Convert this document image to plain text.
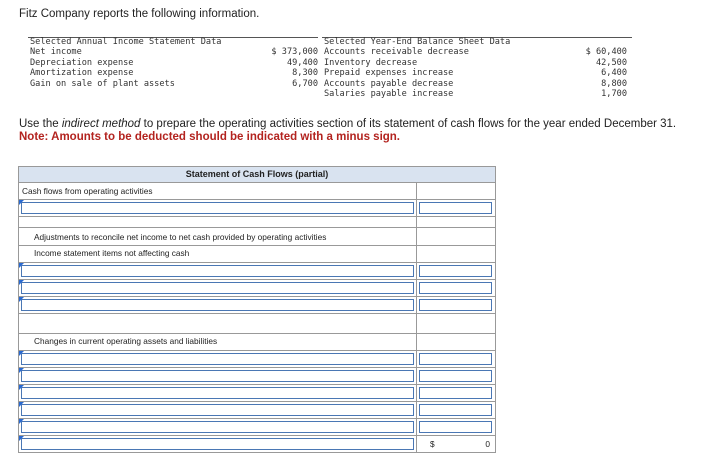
Fitz Company reports the following information.
Selected Annual Income Statement Data
Net income	$ 373,000
Depreciation expense	49,400
Amortization expense	8,300
Gain on sale of plant assets	6,700
Selected Year-End Balance Sheet Data
Accounts receivable decrease	$ 60,400
Inventory decrease	42,500
Prepaid expenses increase	6,400
Accounts payable decrease	8,800
Salaries payable increase	1,700
Use the indirect method to prepare the operating activities section of its statement of cash flows for the year ended December 31.
Note: Amounts to be deducted should be indicated with a minus sign.
Statement of Cash Flows (partial)
Cash flows from operating activities
Adjustments to reconcile net income to net cash provided by operating activities
Income statement items not affecting cash
Changes in current operating assets and liabilities
$	0
